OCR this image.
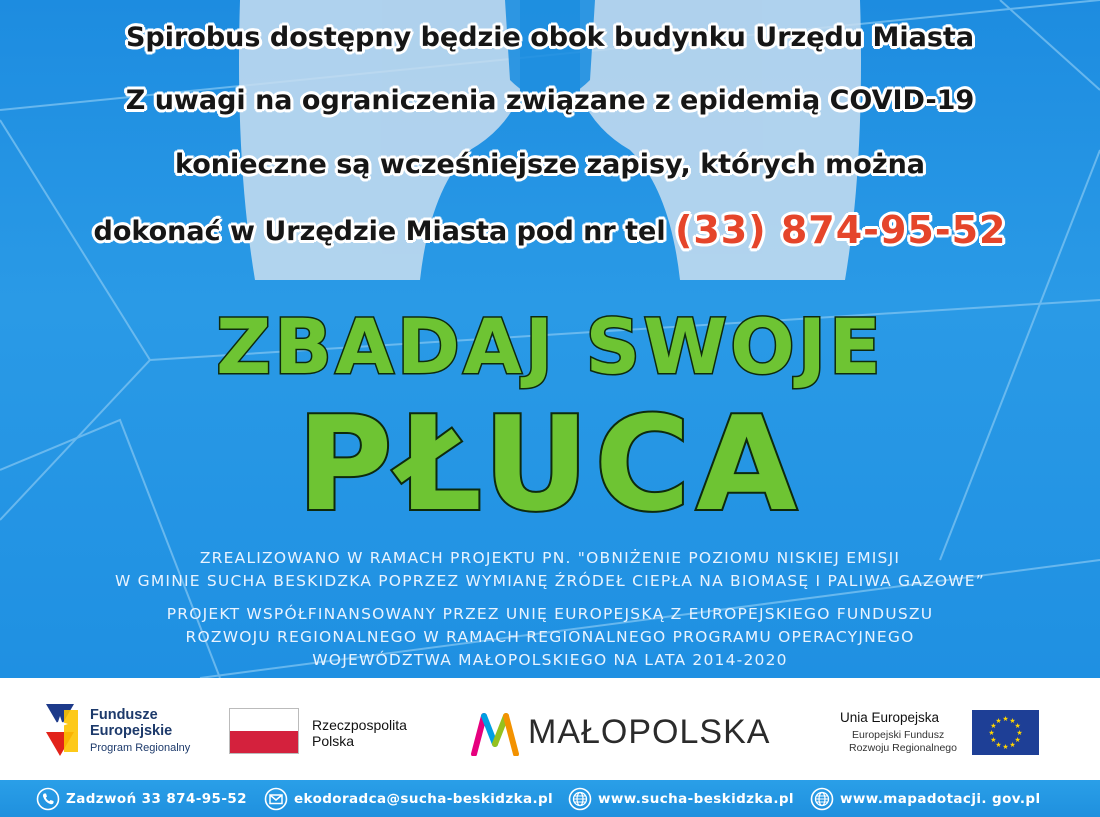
Spirobus dostępny będzie obok budynku Urzędu Miasta
Z uwagi na ograniczenia związane z epidemią COVID-19
konieczne są wcześniejsze zapisy, których można
dokonać w Urzędzie Miasta pod nr tel (33) 874-95-52
ZBADAJ SWOJE
PŁUCA
ZREALIZOWANO W RAMACH PROJEKTU PN. "OBNIŻENIE POZIOMU NISKIEJ EMISJI
W GMINIE SUCHA BESKIDZKA POPRZEZ WYMIANĘ ŹRÓDEŁ CIEPŁA NA BIOMASĘ I PALIWA GAZOWE”
PROJEKT WSPÓŁFINANSOWANY PRZEZ UNIĘ EUROPEJSKĄ Z EUROPEJSKIEGO FUNDUSZU
ROZWOJU REGIONALNEGO W RAMACH REGIONALNEGO PROGRAMU OPERACYJNEGO
WOJEWÓDZTWA MAŁOPOLSKIEGO NA LATA 2014-2020
Fundusze
Europejskie
Program Regionalny
Rzeczpospolita
Polska	MAŁOPOLSKA	Unia Europejska
Europejski Fundusz
Rozwoju Regionalnego
★
★
★
★
★
★
★
★
★ ★ ★
★
Zadzwoń 33 874-95-52	ekodoradca@sucha-beskidzka.pl	www.sucha-beskidzka.pl	www.mapadotacji. gov.pl
